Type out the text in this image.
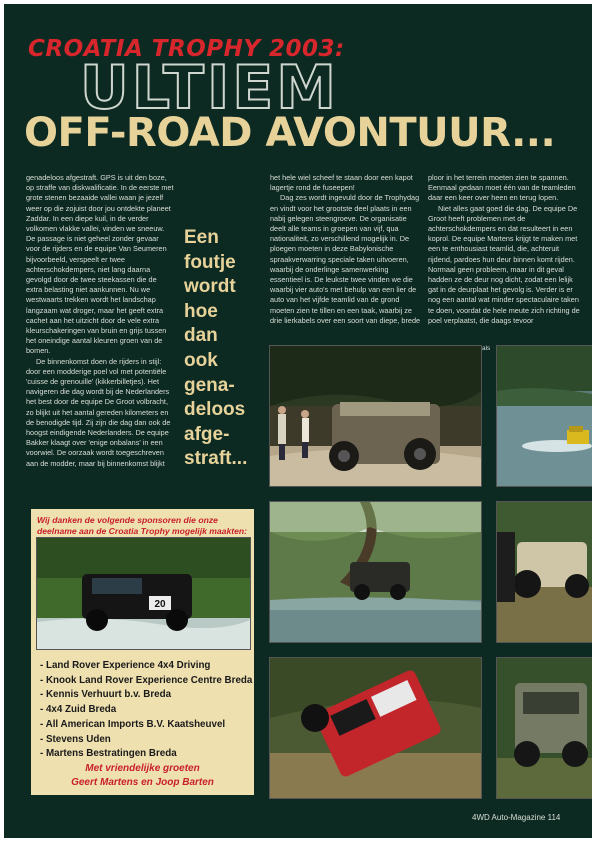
CROATIA TROPHY 2003:
ULTIEM
OFF-ROAD AVONTUUR...

genadeloos afgestraft. GPS is uit den boze, op straffe van diskwalificatie. In de eerste met grote stenen bezaaide vallei waan je jezelf weer op die zojuist door jou ontdekte planeet Zaddar. In een diepe kuil, in de verder volkomen vlakke vallei, vinden we sneeuw. De passage is niet geheel zonder gevaar voor de rijders en de equipe Van Seumeren bijvoorbeeld, verspeelt er twee achterschokdempers, niet lang daarna gevolgd door de twee steekassen die de extra belasting niet aankunnen. Nu we westwaarts trekken wordt het landschap langzaam wat droger, maar het geeft extra cachet aan het uitzicht door de vele extra kleurschakeringen van bruin en grijs tussen het oneindige aantal kleuren groen van de bomen.

De binnenkomst doen de rijders in stijl: door een modderige poel vol met potentiële 'cuisse de grenouille' (kikkerbilletjes). Het navigeren die dag wordt bij de Nederlanders het best door de equipe De Groot volbracht, zo blijkt uit het aantal gereden kilometers en de benodigde tijd. Zij zijn die dag dan ook de hoogst eindigende Nederlanders. De equipe Bakker klaagt over 'enige onbalans' in een voorwiel. De oorzaak wordt toegeschreven aan de modder, maar bij binnenkomst blijkt

Een
foutje
wordt
hoe
dan
ook
gena-
deloos
afge-
straft...

het hele wiel scheef te staan door een kapot lagertje rond de fuseepen!

Dag zes wordt ingevuld door de Trophydag en vindt voor het grootste deel plaats in een nabij gelegen steengroeve. De organisatie deelt alle teams in groepen van vijf, qua nationaliteit, zo verschillend mogelijk in. De ploegen moeten in deze Babylonische spraakverwarring speciale taken uitvoeren, waarbij de onderlinge samenwerking essentieel is. De leukste twee vinden we die waarbij vier auto's met behulp van een lier de auto van het vijfde teamlid van de grond moeten zien te tillen en een taak, waarbij ze drie lierkabels over een soort van diepe, brede

ploor in het terrein moeten zien te spannen. Eenmaal gedaan moet één van de teamleden daar een keer over heen en terug lopen.

Niet alles gaat goed die dag. De equipe De Groot heeft problemen met de achterschokdempers en dat resulteert in een koprol. De equipe Martens krijgt te maken met een te enthousiast teamlid, die, achteruit rijdend, pardoes hun deur binnen komt rijden. Normaal geen probleem, maar in dit geval hadden ze de deur nog dicht, zodat een lelijk gat in de deurplaat het gevolg is. Verder is er nog een aantal wat minder spectaculaire taken te doen, voordat de hele meute zich richting de poel verplaatst, die daags tevoor

als
Wij danken de volgende sponsoren die onze deelname aan de Croatia Trophy mogelijk maakten:
20
- Land Rover Experience 4x4 Driving
- Knook Land Rover Experience Centre Breda
- Kennis Verhuurt b.v. Breda
- 4x4 Zuid Breda
- All American Imports B.V. Kaatsheuvel
- Stevens Uden
- Martens Bestratingen Breda
Met vriendelijke groeten
Geert Martens en Joop Barten
4WD Auto-Magazine 114
